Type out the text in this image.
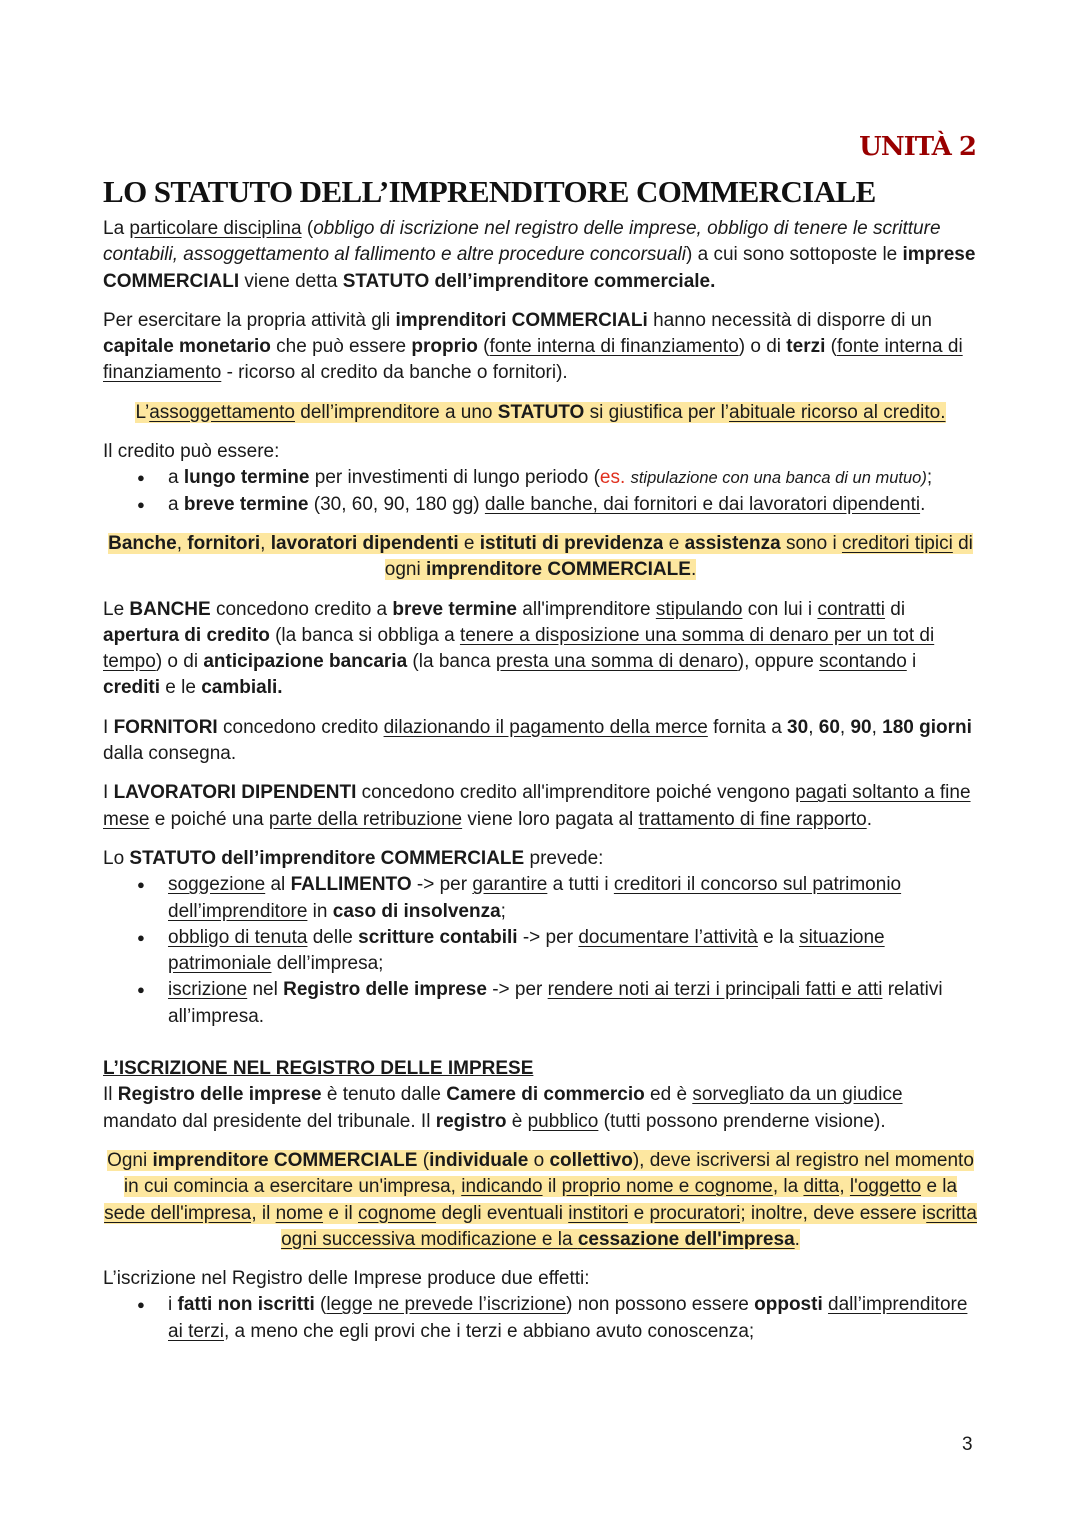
UNITÀ 2
LO STATUTO DELL’IMPRENDITORE COMMERCIALE

La particolare disciplina (obbligo di iscrizione nel registro delle imprese, obbligo di tenere le scritture contabili, assoggettamento al fallimento e altre procedure concorsuali) a cui sono sottoposte le imprese COMMERCIALI viene detta STATUTO dell’imprenditore commerciale.

Per esercitare la propria attività gli imprenditori COMMERCIALi hanno necessità di disporre di un capitale monetario che può essere proprio (fonte interna di finanziamento) o di terzi (fonte interna di finanziamento - ricorso al credito da banche o fornitori).

L’assoggettamento dell’imprenditore a uno STATUTO si giustifica per l’abituale ricorso al credito.

Il credito può essere:

● a lungo termine per investimenti di lungo periodo (es. stipulazione con una banca di un mutuo);
● a breve termine (30, 60, 90, 180 gg) dalle banche, dai fornitori e dai lavoratori dipendenti.

Banche, fornitori, lavoratori dipendenti e istituti di previdenza e assistenza sono i creditori tipici di ogni imprenditore COMMERCIALE.

Le BANCHE concedono credito a breve termine all'imprenditore stipulando con lui i contratti di apertura di credito (la banca si obbliga a tenere a disposizione una somma di denaro per un tot di tempo) o di anticipazione bancaria (la banca presta una somma di denaro), oppure scontando i crediti e le cambiali.

I FORNITORI concedono credito dilazionando il pagamento della merce fornita a 30, 60, 90, 180 giorni dalla consegna.

I LAVORATORI DIPENDENTI concedono credito all'imprenditore poiché vengono pagati soltanto a fine mese e poiché una parte della retribuzione viene loro pagata al trattamento di fine rapporto.

Lo STATUTO dell’imprenditore COMMERCIALE prevede:

● soggezione al FALLIMENTO -> per garantire a tutti i creditori il concorso sul patrimonio dell’imprenditore in caso di insolvenza;
● obbligo di tenuta delle scritture contabili -> per documentare l’attività e la situazione patrimoniale dell’impresa;
● iscrizione nel Registro delle imprese -> per rendere noti ai terzi i principali fatti e atti relativi all’impresa.

L’ISCRIZIONE NEL REGISTRO DELLE IMPRESE

Il Registro delle imprese è tenuto dalle Camere di commercio ed è sorvegliato da un giudice mandato dal presidente del tribunale. Il registro è pubblico (tutti possono prenderne visione).

Ogni imprenditore COMMERCIALE (individuale o collettivo), deve iscriversi al registro nel momento in cui comincia a esercitare un'impresa, indicando il proprio nome e cognome, la ditta, l'oggetto e la sede dell'impresa, il nome e il cognome degli eventuali institori e procuratori; inoltre, deve essere iscritta ogni successiva modificazione e la cessazione dell'impresa.

L’iscrizione nel Registro delle Imprese produce due effetti:

● i fatti non iscritti (legge ne prevede l’iscrizione) non possono essere opposti dall’imprenditore ai terzi, a meno che egli provi che i terzi e abbiano avuto conoscenza;
3
